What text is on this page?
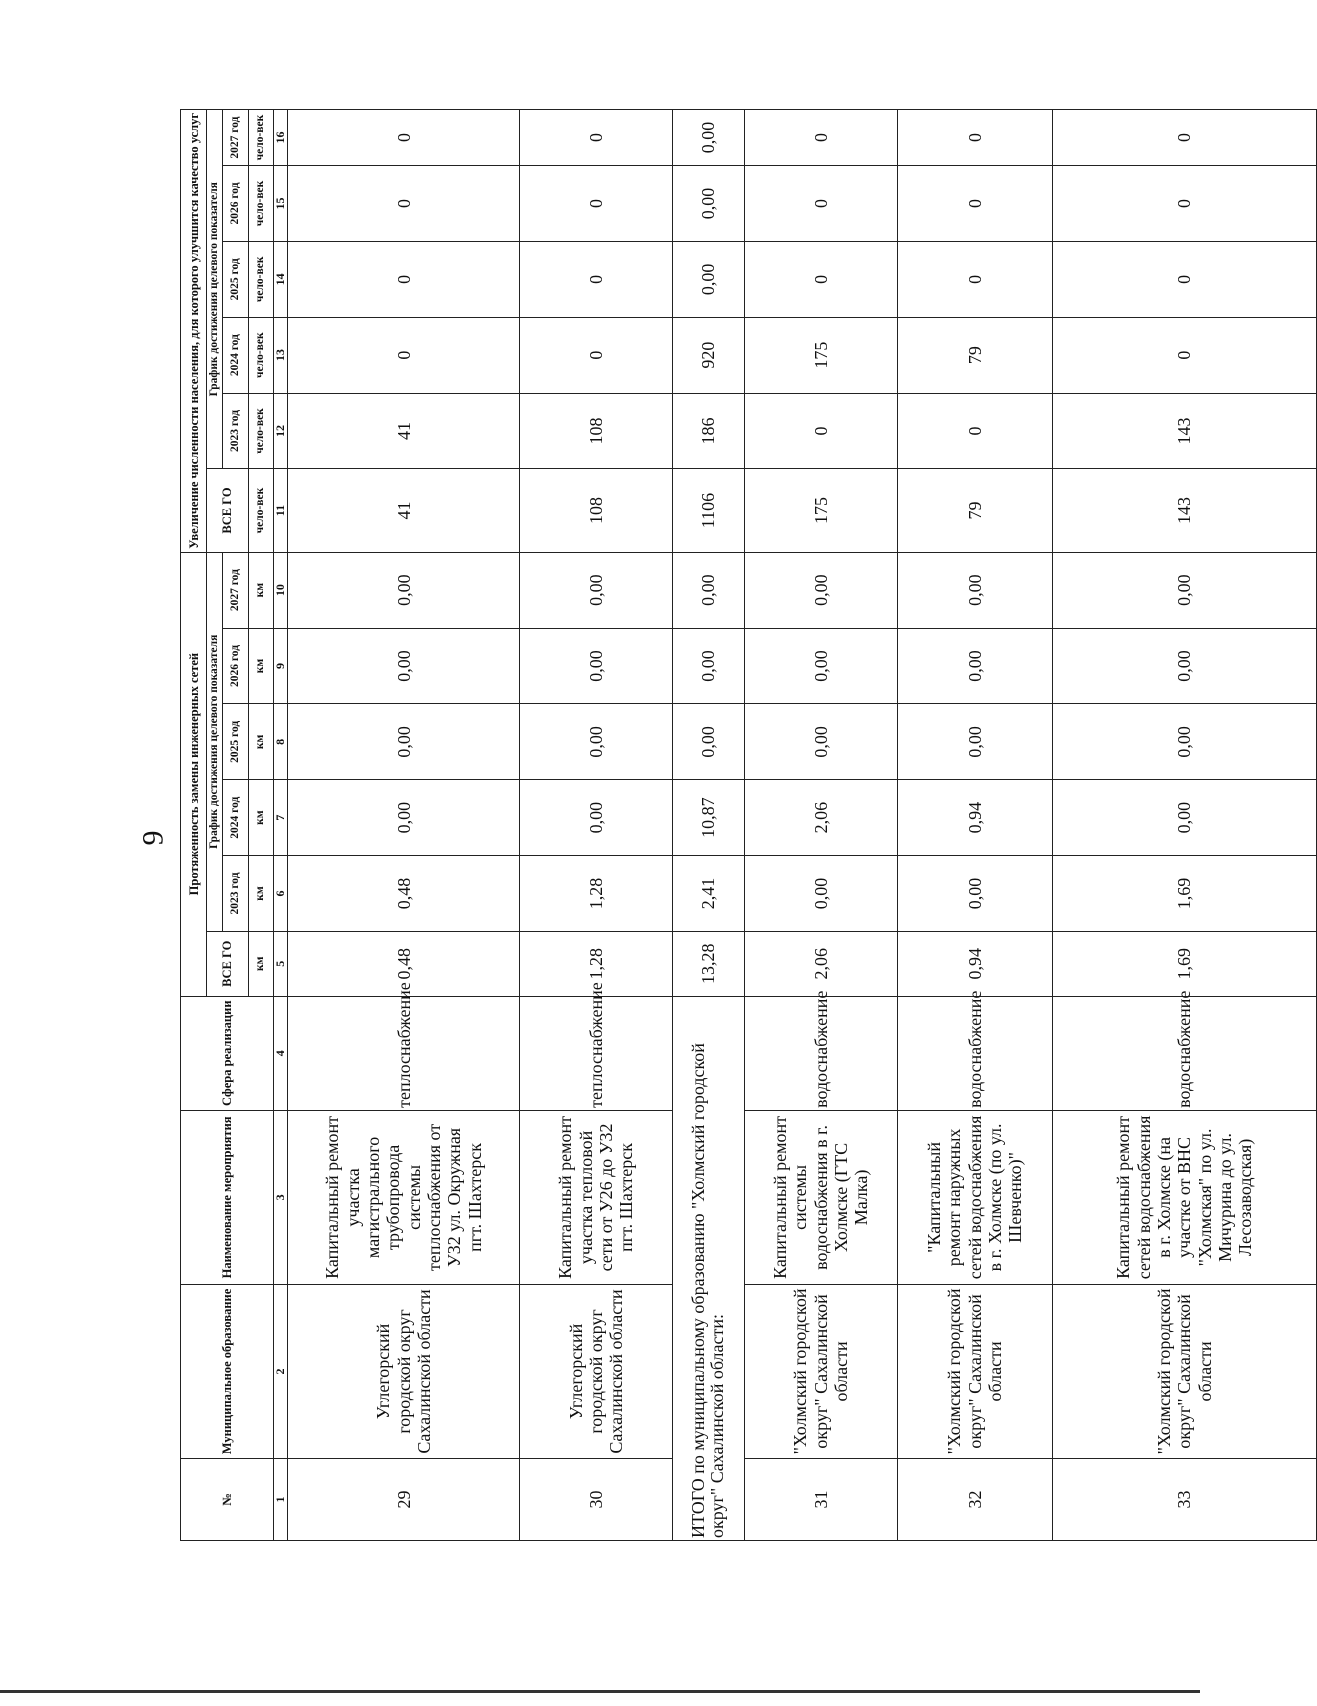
9
№	Муниципальное образование	Наименование мероприятия	Сфера реализации	Протяженность замены инженерных сетей						Увеличение численности населения, для которого улучшится качество услуг					
				ВСЕ ГО	График достижения целевого показателя					ВСЕ ГО	График достижения целевого показателя				
					2023 год	2024 год	2025 год	2026 год	2027 год		2023 год	2024 год	2025 год	2026 год	2027 год
				км	км	км	км	км	км	чело-век	чело-век	чело-век	чело-век	чело-век	чело-век
1	2	3	4	5	6	7	8	9	10	11	12	13	14	15	16
29	Углегорский городской округ Сахалинской области	Капитальный ремонт участка магистрального трубопровода системы теплоснабжения от У32 ул. Окружная пгт. Шахтерск	теплоснабжение	0,48	0,48	0,00	0,00	0,00	0,00	41	41	0	0	0	0
30	Углегорский городской округ Сахалинской области	Капитальный ремонт участка тепловой сети от У26 до У32 пгт. Шахтерск	теплоснабжение	1,28	1,28	0,00	0,00	0,00	0,00	108	108	0	0	0	0
ИТОГО по муниципальному образованию "Холмский городской округ" Сахалинской области:				13,28	2,41	10,87	0,00	0,00	0,00	1106	186	920	0,00	0,00	0,00
31	"Холмский городской округ" Сахалинской области	Капитальный ремонт системы водоснабжения в г. Холмске (ГТС Малка)	водоснабжение	2,06	0,00	2,06	0,00	0,00	0,00	175	0	175	0	0	0
32	"Холмский городской округ" Сахалинской области	"Капитальный ремонт наружных сетей водоснабжения в г. Холмске (по ул. Шевченко)"	водоснабжение	0,94	0,00	0,94	0,00	0,00	0,00	79	0	79	0	0	0
33	"Холмский городской округ" Сахалинской области	Капитальный ремонт сетей водоснабжения в г. Холмске (на участке от ВНС "Холмская" по ул. Мичурина до ул. Лесозаводская)	водоснабжение	1,69	1,69	0,00	0,00	0,00	0,00	143	143	0	0	0	0
